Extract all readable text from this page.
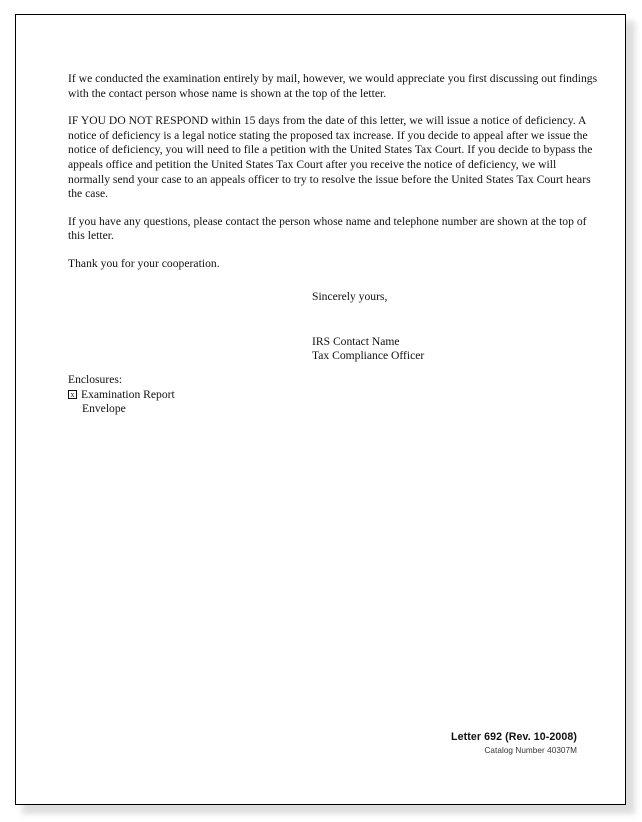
If we conducted the examination entirely by mail, however, we would appreciate you first discussing out findings with the contact person whose name is shown at the top of the letter.

IF YOU DO NOT RESPOND within 15 days from the date of this letter, we will issue a notice of deficiency. A notice of deficiency is a legal notice stating the proposed tax increase. If you decide to appeal after we issue the notice of deficiency, you will need to file a petition with the United States Tax Court. If you decide to bypass the appeals office and petition the United States Tax Court after you receive the notice of deficiency, we will normally send your case to an appeals officer to try to resolve the issue before the United States Tax Court hears the case.

If you have any questions, please contact the person whose name and telephone number are shown at the top of this letter.

Thank you for your cooperation.

Sincerely yours,

IRS Contact Name

Tax Compliance Officer

Enclosures:
x Examination Report
Envelope
Letter 692 (Rev. 10-2008)
Catalog Number 40307M
